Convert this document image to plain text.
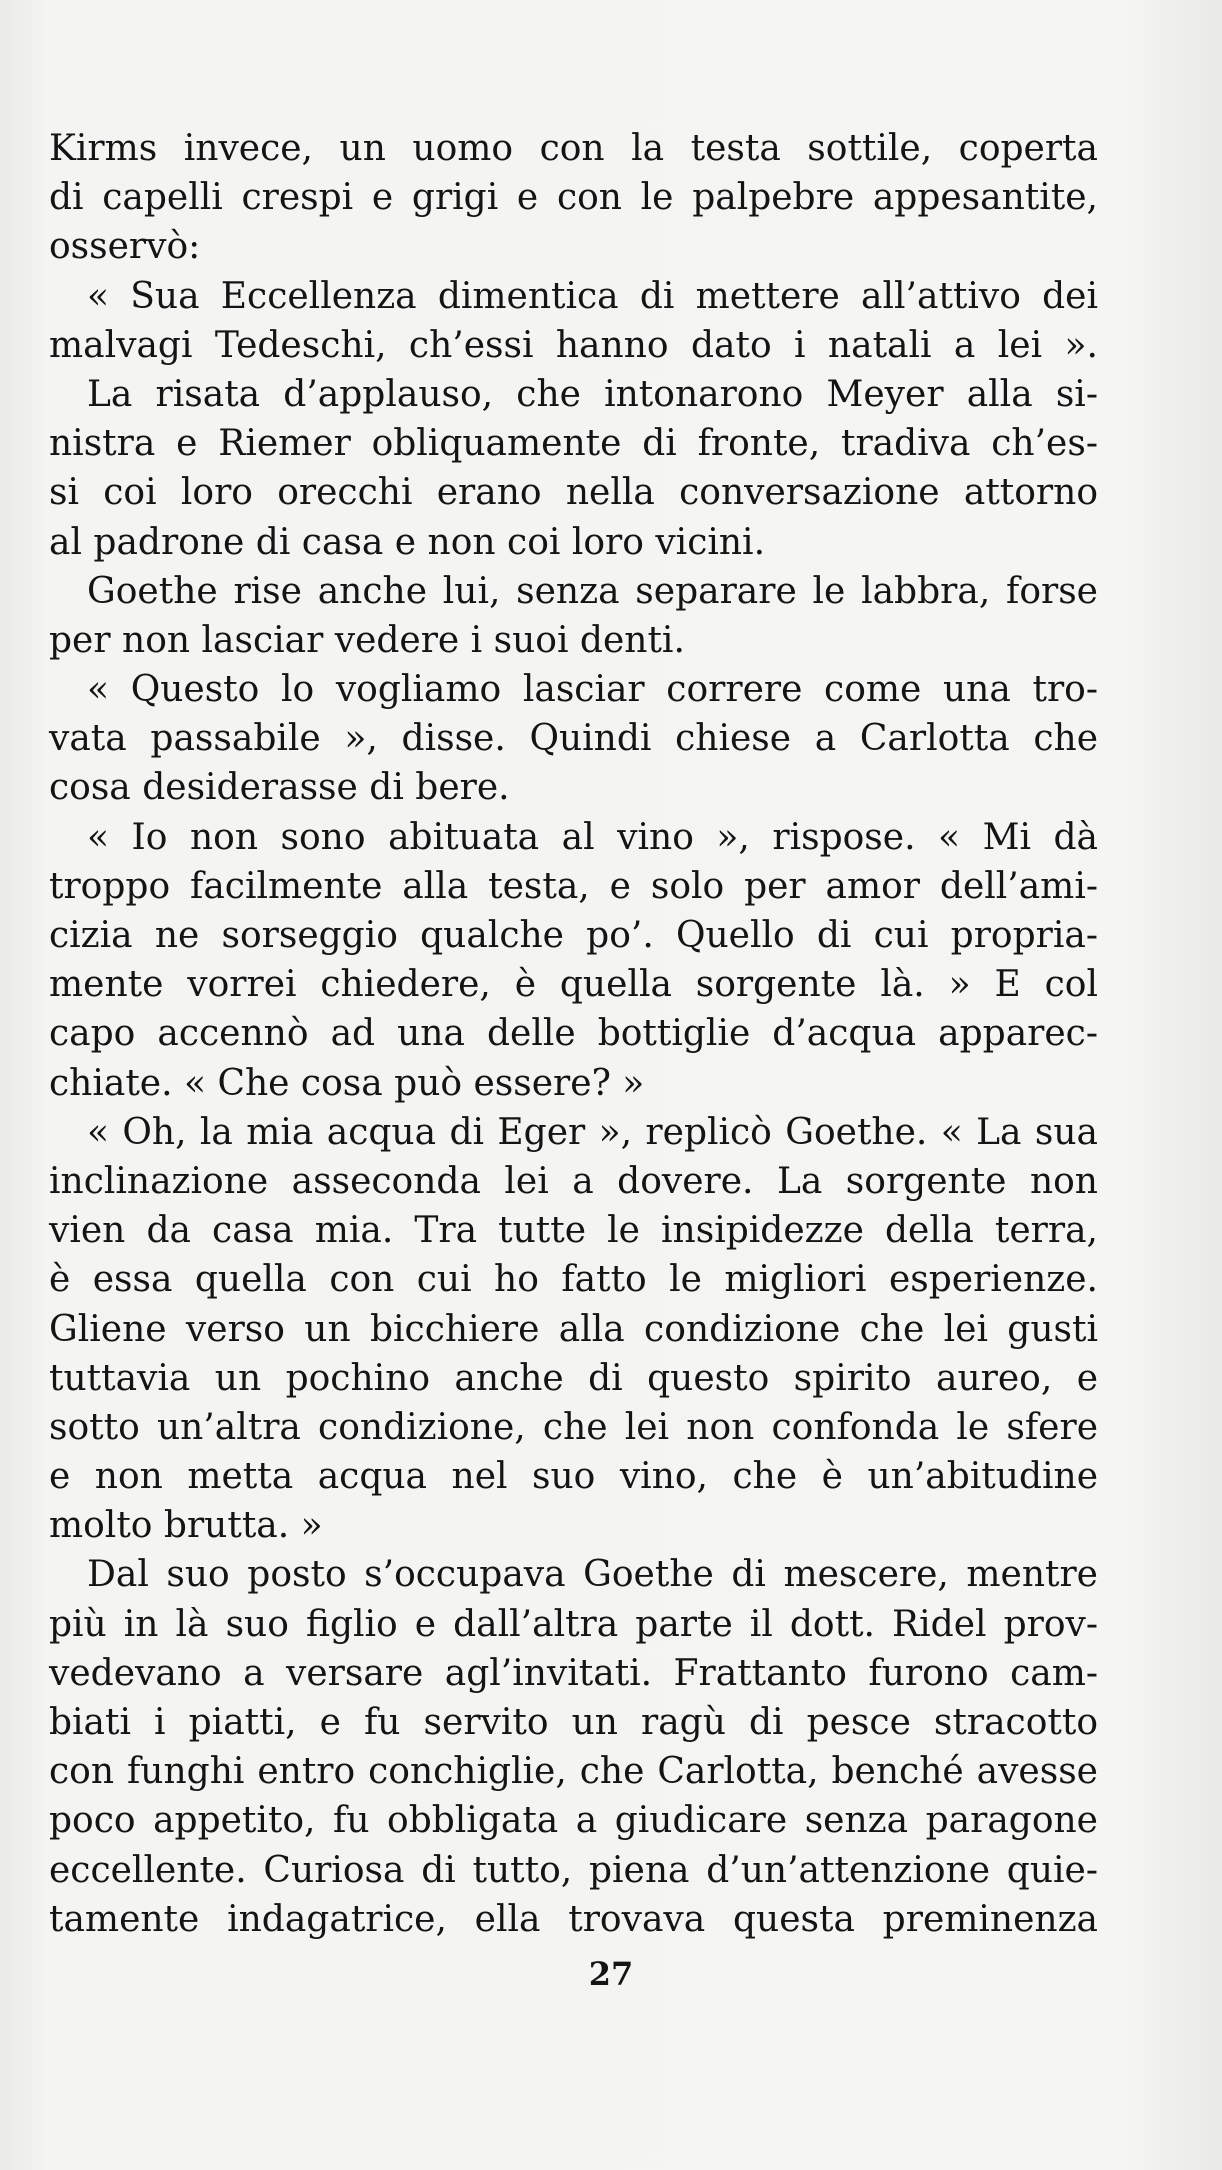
Kirms invece, un uomo con la testa sottile, coperta
di capelli crespi e grigi e con le palpebre appesantite,
osservò:
« Sua Eccellenza dimentica di mettere all’attivo dei
malvagi Tedeschi, ch’essi hanno dato i natali a lei ».
La risata d’applauso, che intonarono Meyer alla si-
nistra e Riemer obliquamente di fronte, tradiva ch’es-
si coi loro orecchi erano nella conversazione attorno
al padrone di casa e non coi loro vicini.
Goethe rise anche lui, senza separare le labbra, forse
per non lasciar vedere i suoi denti.
« Questo lo vogliamo lasciar correre come una tro-
vata passabile », disse. Quindi chiese a Carlotta che
cosa desiderasse di bere.
« Io non sono abituata al vino », rispose. « Mi dà
troppo facilmente alla testa, e solo per amor dell’ami-
cizia ne sorseggio qualche po’. Quello di cui propria-
mente vorrei chiedere, è quella sorgente là. » E col
capo accennò ad una delle bottiglie d’acqua apparec-
chiate. « Che cosa può essere? »
« Oh, la mia acqua di Eger », replicò Goethe. « La sua
inclinazione asseconda lei a dovere. La sorgente non
vien da casa mia. Tra tutte le insipidezze della terra,
è essa quella con cui ho fatto le migliori esperienze.
Gliene verso un bicchiere alla condizione che lei gusti
tuttavia un pochino anche di questo spirito aureo, e
sotto un’altra condizione, che lei non confonda le sfere
e non metta acqua nel suo vino, che è un’abitudine
molto brutta. »
Dal suo posto s’occupava Goethe di mescere, mentre
più in là suo figlio e dall’altra parte il dott. Ridel prov-
vedevano a versare agl’invitati. Frattanto furono cam-
biati i piatti, e fu servito un ragù di pesce stracotto
con funghi entro conchiglie, che Carlotta, benché avesse
poco appetito, fu obbligata a giudicare senza paragone
eccellente. Curiosa di tutto, piena d’un’attenzione quie-
tamente indagatrice, ella trovava questa preminenza
27
